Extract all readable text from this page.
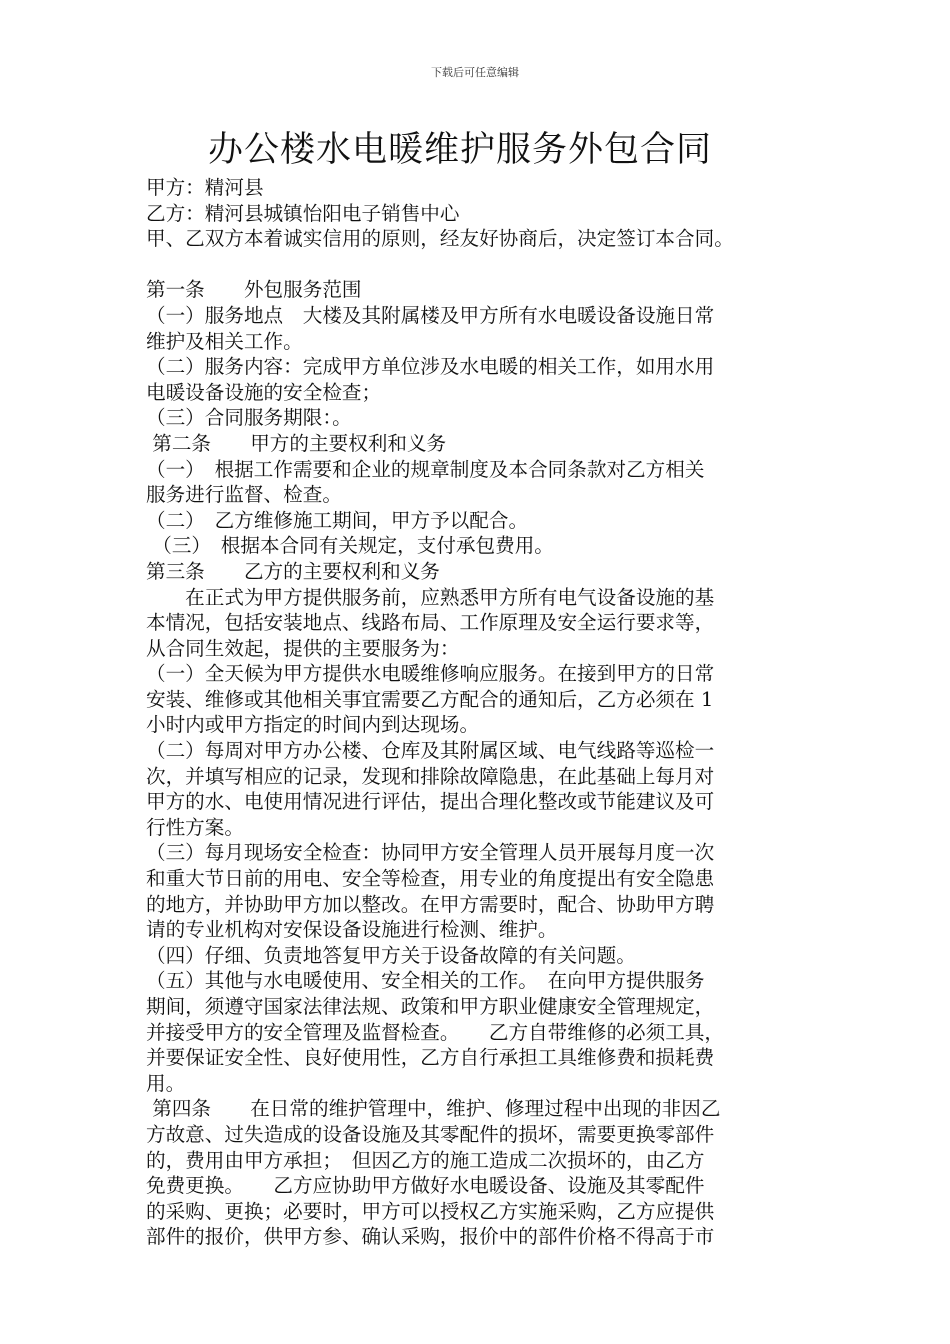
下载后可任意编辑
办公楼水电暖维护服务外包合同
甲方：精河县
乙方：精河县城镇怡阳电子销售中心
甲、乙双方本着诚实信用的原则，经友好协商后，决定签订本合同。
第一条　　外包服务范围
（一）服务地点　大楼及其附属楼及甲方所有水电暖设备设施日常
维护及相关工作。
（二）服务内容：完成甲方单位涉及水电暖的相关工作，如用水用
电暖设备设施的安全检查；
（三）合同服务期限：。
第二条　　甲方的主要权利和义务
（一）　根据工作需要和企业的规章制度及本合同条款对乙方相关
服务进行监督、检查。
（二）　乙方维修施工期间，甲方予以配合。
（三）　根据本合同有关规定，支付承包费用。
第三条　　乙方的主要权利和义务
　　在正式为甲方提供服务前，应熟悉甲方所有电气设备设施的基
本情况，包括安装地点、线路布局、工作原理及安全运行要求等，
从合同生效起，提供的主要服务为：
（一）全天候为甲方提供水电暖维修响应服务。在接到甲方的日常
安装、维修或其他相关事宜需要乙方配合的通知后，乙方必须在 1
小时内或甲方指定的时间内到达现场。
（二）每周对甲方办公楼、仓库及其附属区域、电气线路等巡检一
次，并填写相应的记录，发现和排除故障隐患，在此基础上每月对
甲方的水、电使用情况进行评估，提出合理化整改或节能建议及可
行性方案。
（三）每月现场安全检查：协同甲方安全管理人员开展每月度一次
和重大节日前的用电、安全等检查，用专业的角度提出有安全隐患
的地方，并协助甲方加以整改。在甲方需要时，配合、协助甲方聘
请的专业机构对安保设备设施进行检测、维护。
（四）仔细、负责地答复甲方关于设备故障的有关问题。
（五）其他与水电暖使用、安全相关的工作。　在向甲方提供服务
期间，须遵守国家法律法规、政策和甲方职业健康安全管理规定，
并接受甲方的安全管理及监督检查。　　乙方自带维修的必须工具，
并要保证安全性、良好使用性，乙方自行承担工具维修费和损耗费
用。
第四条　　在日常的维护管理中，维护、修理过程中出现的非因乙
方故意、过失造成的设备设施及其零配件的损坏，需要更换零部件
的，费用由甲方承担；　但因乙方的施工造成二次损坏的，由乙方
免费更换。　　乙方应协助甲方做好水电暖设备、设施及其零配件
的采购、更换；必要时，甲方可以授权乙方实施采购，乙方应提供
部件的报价，供甲方参、确认采购，报价中的部件价格不得高于市
